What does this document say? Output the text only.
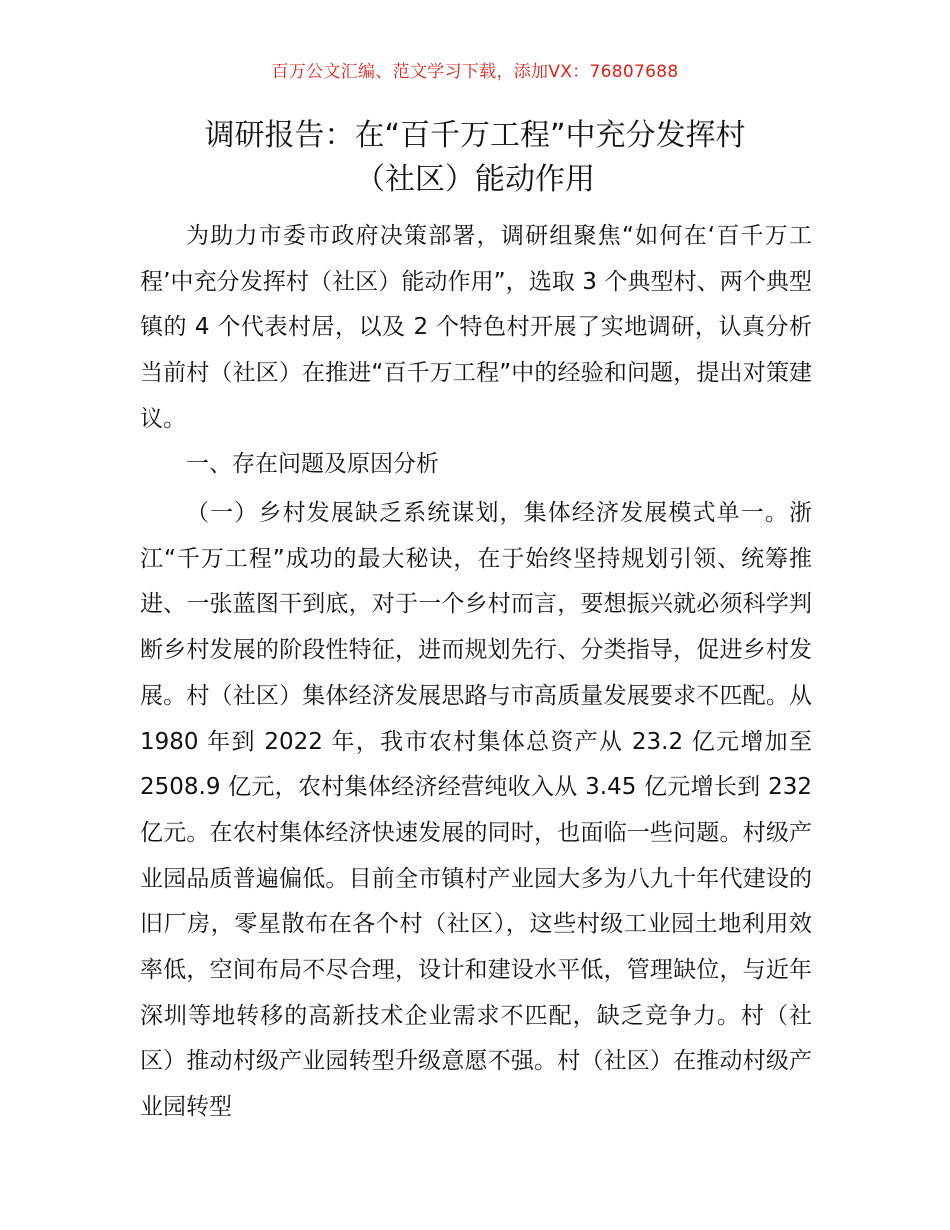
百万公文汇编、范文学习下载，添加VX：76807688
调研报告：在“百千万工程”中充分发挥村
（社区）能动作用

为助力市委市政府决策部署，调研组聚焦“如何在‘百千万工程’中充分发挥村（社区）能动作用”，选取 3 个典型村、两个典型镇的 4 个代表村居，以及 2 个特色村开展了实地调研，认真分析当前村（社区）在推进“百千万工程”中的经验和问题，提出对策建议。

一、存在问题及原因分析

（一）乡村发展缺乏系统谋划，集体经济发展模式单一。浙江“千万工程”成功的最大秘诀，在于始终坚持规划引领、统筹推进、一张蓝图干到底，对于一个乡村而言，要想振兴就必须科学判断乡村发展的阶段性特征，进而规划先行、分类指导，促进乡村发展。村（社区）集体经济发展思路与市高质量发展要求不匹配。从 1980 年到 2022 年，我市农村集体总资产从 23.2 亿元增加至 2508.9 亿元，农村集体经济经营纯收入从 3.45 亿元增长到 232 亿元。在农村集体经济快速发展的同时，也面临一些问题。村级产业园品质普遍偏低。目前全市镇村产业园大多为八九十年代建设的旧厂房，零星散布在各个村（社区），这些村级工业园土地利用效率低，空间布局不尽合理，设计和建设水平低，管理缺位，与近年深圳等地转移的高新技术企业需求不匹配，缺乏竞争力。村（社区）推动村级产业园转型升级意愿不强。村（社区）在推动村级产业园转型
